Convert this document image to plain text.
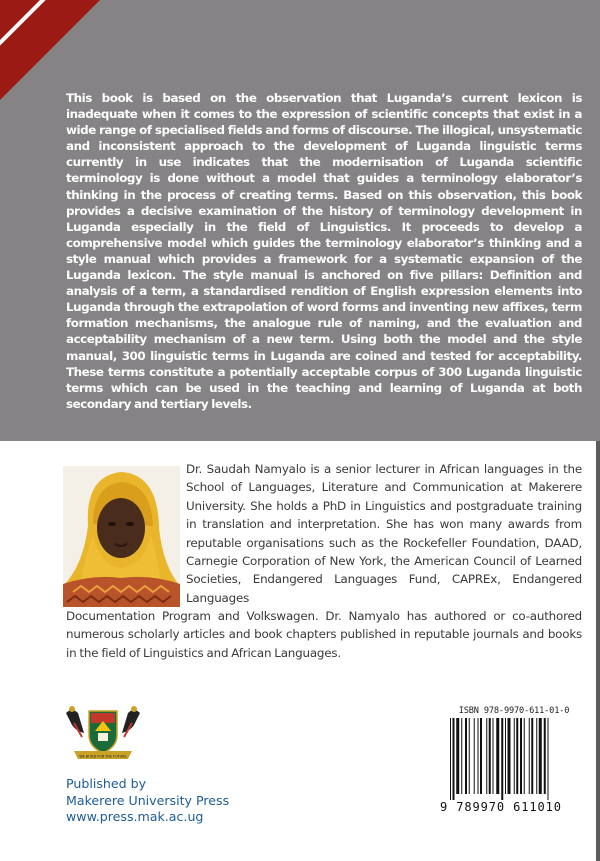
This book is based on the observation that Luganda’s current lexicon is inadequate when it comes to the expression of scientific concepts that exist in a wide range of specialised fields and forms of discourse. The illogical, unsystematic and inconsistent approach to the development of Luganda linguistic terms currently in use indicates that the modernisation of Luganda scientific terminology is done without a model that guides a terminology elaborator’s thinking in the process of creating terms. Based on this observation, this book provides a decisive examination of the history of terminology development in Luganda especially in the field of Linguistics. It proceeds to develop a comprehensive model which guides the terminology elaborator’s thinking and a style manual which provides a framework for a systematic expansion of the Luganda lexicon. The style manual is anchored on five pillars: Definition and analysis of a term, a standardised rendition of English expression elements into Luganda through the extrapolation of word forms and inventing new affixes, term formation mechanisms, the analogue rule of naming, and the evaluation and acceptability mechanism of a new term. Using both the model and the style manual, 300 linguistic terms in Luganda are coined and tested for acceptability. These terms constitute a potentially acceptable corpus of 300 Luganda linguistic terms which can be used in the teaching and learning of Luganda at both secondary and tertiary levels.

Dr. Saudah Namyalo is a senior lecturer in African languages in the School of Languages, Literature and Communication at Makerere University. She holds a PhD in Linguistics and postgraduate training in translation and interpretation. She has won many awards from reputable organisations such as the Rockefeller Foundation, DAAD, Carnegie Corporation of New York, the American Council of Learned Societies, Endangered Languages Fund, CAPREx, Endangered Languages

Documentation Program and Volkswagen. Dr. Namyalo has authored or co-authored numerous scholarly articles and book chapters published in reputable journals and books in the field of Linguistics and African Languages.

WE BUILD FOR THE FUTURE
Published by
Makerere University Press
www.press.mak.ac.ug
ISBN 978-9970-611-01-0
9 789970 611010
